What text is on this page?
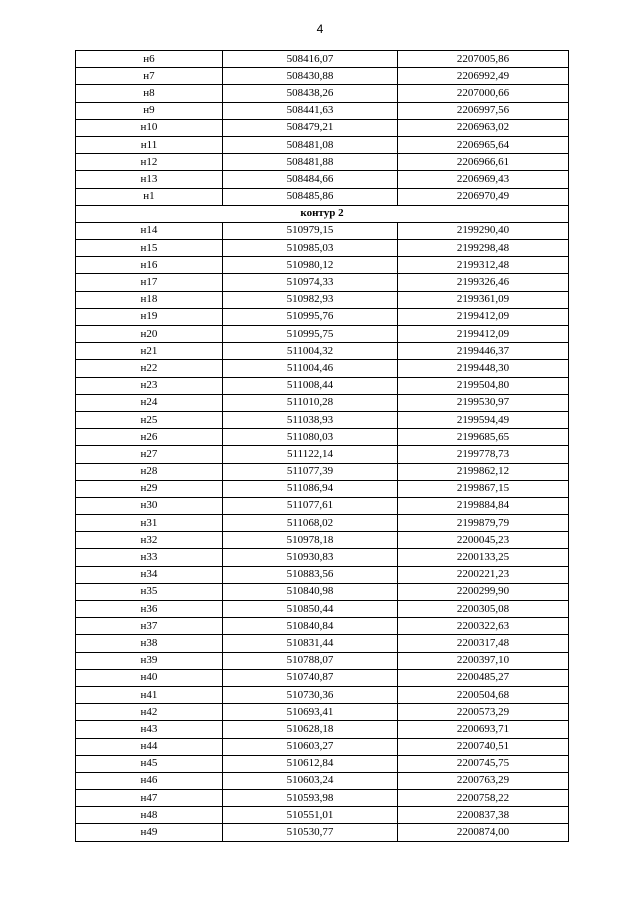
4
н6	508416,07	2207005,86
н7	508430,88	2206992,49
н8	508438,26	2207000,66
н9	508441,63	2206997,56
н10	508479,21	2206963,02
н11	508481,08	2206965,64
н12	508481,88	2206966,61
н13	508484,66	2206969,43
н1	508485,86	2206970,49
контур 2		
н14	510979,15	2199290,40
н15	510985,03	2199298,48
н16	510980,12	2199312,48
н17	510974,33	2199326,46
н18	510982,93	2199361,09
н19	510995,76	2199412,09
н20	510995,75	2199412,09
н21	511004,32	2199446,37
н22	511004,46	2199448,30
н23	511008,44	2199504,80
н24	511010,28	2199530,97
н25	511038,93	2199594,49
н26	511080,03	2199685,65
н27	511122,14	2199778,73
н28	511077,39	2199862,12
н29	511086,94	2199867,15
н30	511077,61	2199884,84
н31	511068,02	2199879,79
н32	510978,18	2200045,23
н33	510930,83	2200133,25
н34	510883,56	2200221,23
н35	510840,98	2200299,90
н36	510850,44	2200305,08
н37	510840,84	2200322,63
н38	510831,44	2200317,48
н39	510788,07	2200397,10
н40	510740,87	2200485,27
н41	510730,36	2200504,68
н42	510693,41	2200573,29
н43	510628,18	2200693,71
н44	510603,27	2200740,51
н45	510612,84	2200745,75
н46	510603,24	2200763,29
н47	510593,98	2200758,22
н48	510551,01	2200837,38
н49	510530,77	2200874,00
